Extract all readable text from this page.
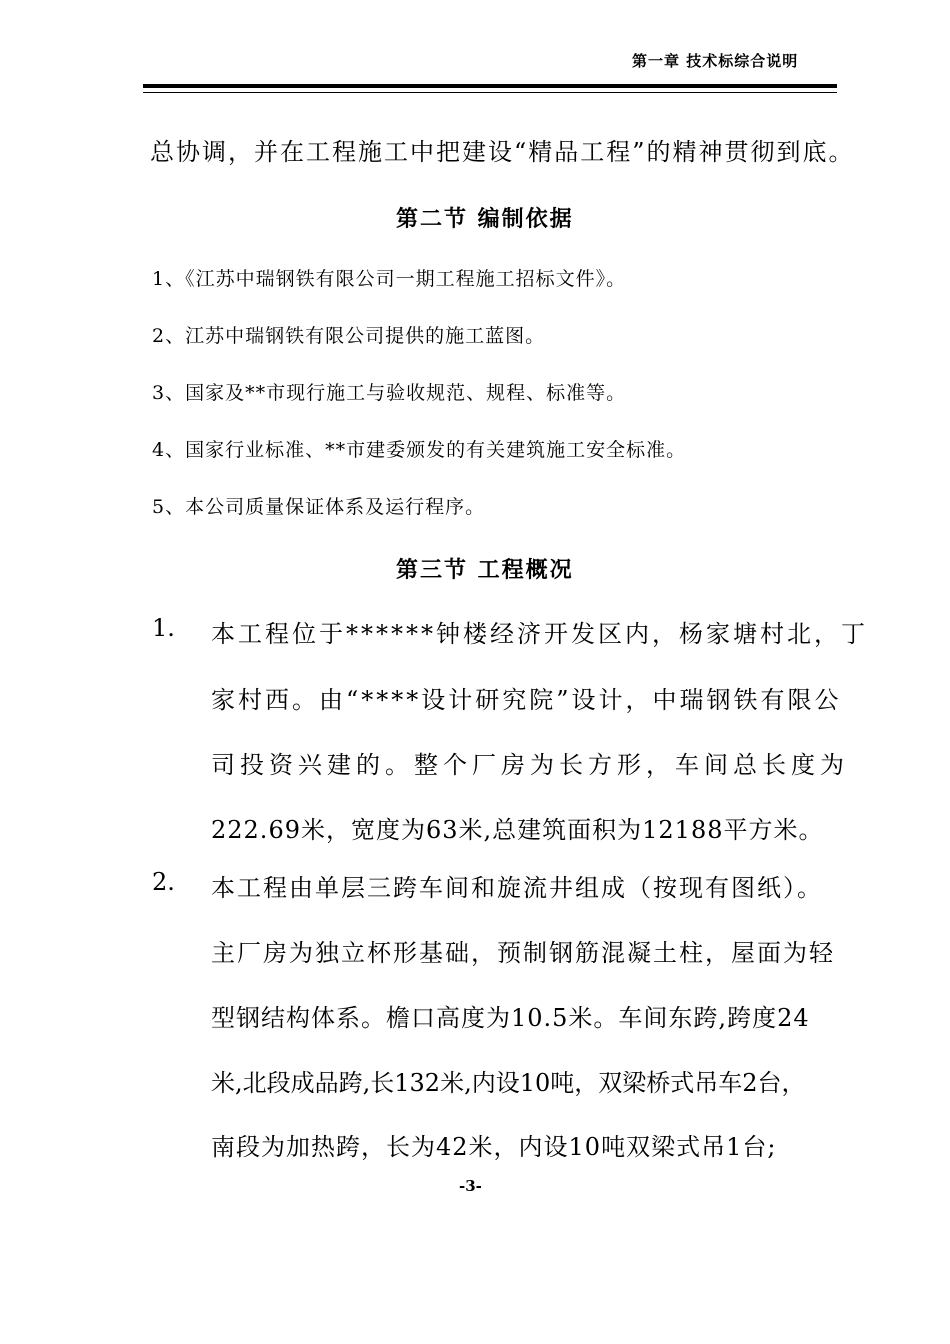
第一章 技术标综合说明
总协调，并在工程施工中把建设“精品工程”的精神贯彻到底。
第二节 编制依据
1、《江苏中瑞钢铁有限公司一期工程施工招标文件》。
2、江苏中瑞钢铁有限公司提供的施工蓝图。
3、国家及**市现行施工与验收规范、规程、标准等。
4、国家行业标准、**市建委颁发的有关建筑施工安全标准。
5、本公司质量保证体系及运行程序。
第三节 工程概况
1. 本工程位于******钟楼经济开发区内，杨家塘村北，丁
家村西。由“****设计研究院”设计，中瑞钢铁有限公
司投资兴建的。整个厂房为长方形，车间总长度为
222.69米，宽度为63米,总建筑面积为12188平方米。
2. 本工程由单层三跨车间和旋流井组成（按现有图纸）。
主厂房为独立杯形基础，预制钢筋混凝土柱，屋面为轻
型钢结构体系。檐口高度为10.5米。车间东跨,跨度24
米,北段成品跨,长132米,内设10吨，双梁桥式吊车2台，
南段为加热跨，长为42米，内设10吨双梁式吊1台;
-3-
